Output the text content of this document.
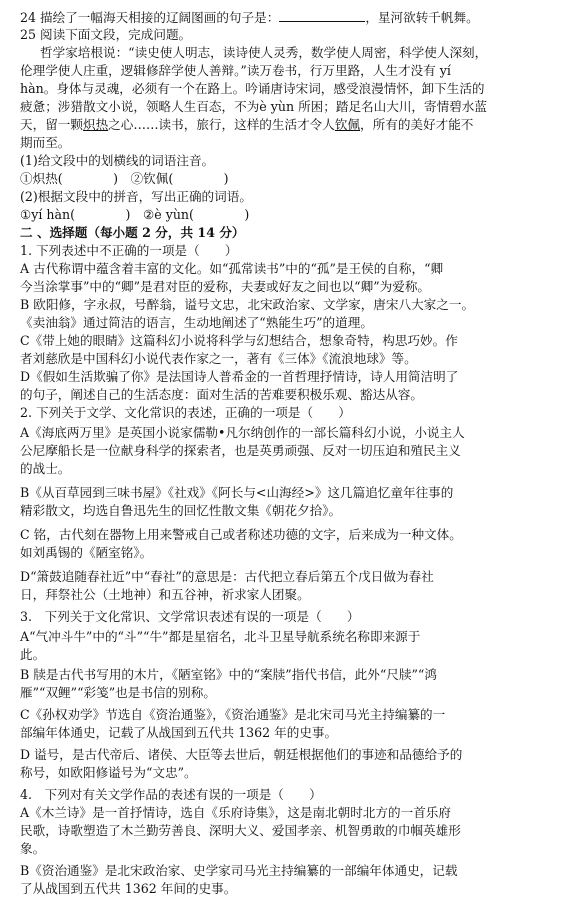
24 描绘了一幅海天相接的辽阔图画的句子是：	，星河欲转千帆舞。
25 阅读下面文段，完成问题。
哲学家培根说：“读史使人明志，读诗使人灵秀，数学使人周密，科学使人深刻，
伦理学使人庄重，逻辑修辞学使人善辩。”读万卷书，行万里路，人生才没有 yí
hàn。身体与灵魂，必须有一个在路上。吟诵唐诗宋词，感受浪漫情怀，卸下生活的
疲惫；涉猎散文小说，领略人生百态，不为è yùn 所困；踏足名山大川，寄情碧水蓝
天，留一颗炽热之心……读书，旅行，这样的生活才令人钦佩，所有的美好才能不
期而至。
(1)给文段中的划横线的词语注音。
①炽热(　　　　)　②钦佩(　　　　)
(2)根据文段中的拼音，写出正确的词语。
①yí hàn(　　　　)　②è yùn(　　　　)
二 、选择题（每小题 2 分，共 14 分）
1. 下列表述中不正确的一项是（　　）
A 古代称谓中蕴含着丰富的文化。如“孤常读书”中的“孤”是王侯的自称，“卿
今当涂掌事”中的“卿”是君对臣的爱称，夫妻或好友之间也以“卿”为爱称。
B 欧阳修，字永叔，号醉翁，谥号文忠，北宋政治家、文学家，唐宋八大家之一。
《卖油翁》通过简洁的语言，生动地阐述了“熟能生巧”的道理。
C《带上她的眼睛》这篇科幻小说将科学与幻想结合，想象奇特，构思巧妙。作
者刘慈欣是中国科幻小说代表作家之一，著有《三体》《流浪地球》等。
D《假如生活欺骗了你》是法国诗人普希金的一首哲理抒情诗，诗人用简洁明了
的句子，阐述自己的生活态度：面对生活的苦难要积极乐观、豁达从容。
2. 下列关于文学、文化常识的表述，正确的一项是（　　）
A《海底两万里》是英国小说家儒勒•凡尔纳创作的一部长篇科幻小说，小说主人
公尼摩船长是一位献身科学的探索者，也是英勇顽强、反对一切压迫和殖民主义
的战士。
B《从百草园到三味书屋》《社戏》《阿长与<山海经>》这几篇追忆童年往事的
精彩散文，均选自鲁迅先生的回忆性散文集《朝花夕拾》。
C 铭，古代刻在器物上用来警戒自己或者称述功德的文字，后来成为一种文体。
如刘禹锡的《陋室铭》。
D“箫鼓追随春社近”中“春社”的意思是：古代把立春后第五个戊日做为春社
日，拜祭社公（土地神）和五谷神，祈求家人团聚。
3.　下列关于文化常识、文学常识表述有误的一项是（　　）
A“气冲斗牛”中的“斗”“牛”都是星宿名，北斗卫星导航系统名称即来源于
此。
B 牍是古代书写用的木片，《陋室铭》中的“案牍”指代书信，此外“尺牍”“鸿
雁”“双鲤”“彩笺”也是书信的别称。
C《孙权劝学》节选自《资治通鉴》，《资治通鉴》是北宋司马光主持编纂的一
部编年体通史，记载了从战国到五代共 1362 年的史事。
D 谥号，是古代帝后、诸侯、大臣等去世后，朝廷根据他们的事迹和品德给予的
称号，如欧阳修谥号为“文忠”。
4.　下列对有关文学作品的表述有误的一项是（　　）
A《木兰诗》是一首抒情诗，选自《乐府诗集》，这是南北朝时北方的一首乐府
民歌，诗歌塑造了木兰勤劳善良、深明大义、爱国孝亲、机智勇敢的巾帼英雄形
象。
B《资治通鉴》是北宋政治家、史学家司马光主持编纂的一部编年体通史，记载
了从战国到五代共 1362 年间的史事。
